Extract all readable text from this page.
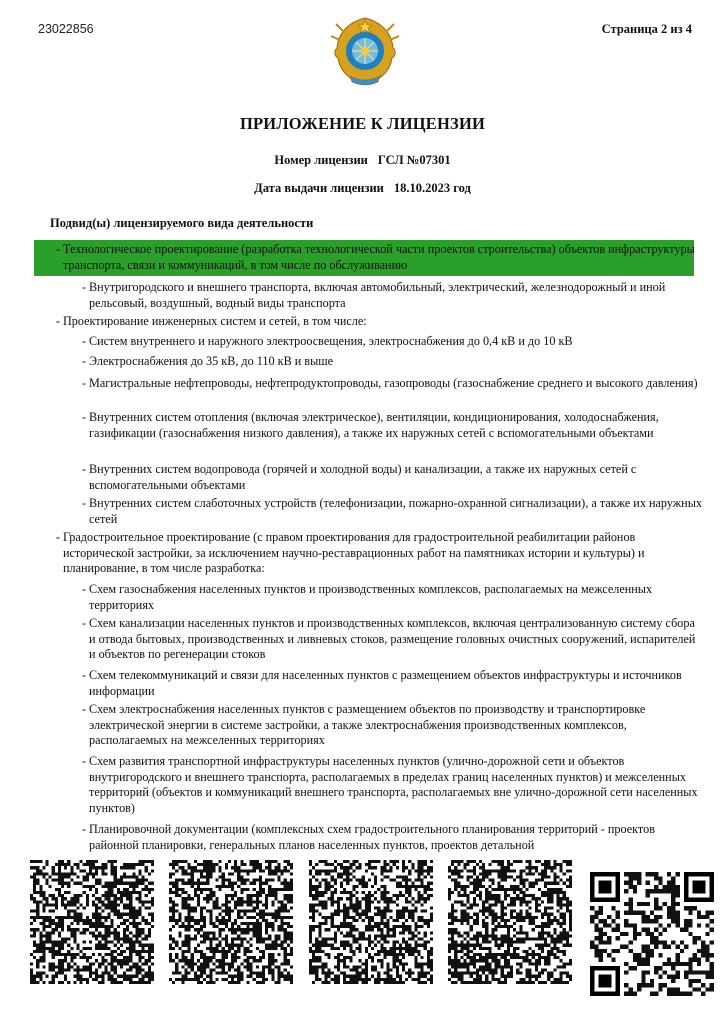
23022856	Страница 2 из 4
ПРИЛОЖЕНИЕ К ЛИЦЕНЗИИ
Номер лицензии ГСЛ №07301
Дата выдачи лицензии 18.10.2023 год
Подвид(ы) лицензируемого вида деятельности
- Технологическое проектирование (разработка технологической части проектов строительства) объектов инфраструктуры транспорта, связи и коммуникаций, в том числе по обслуживанию
- Внутригородского и внешнего транспорта, включая автомобильный, электрический, железнодорожный и иной рельсовый, воздушный, водный виды транспорта
- Проектирование инженерных систем и сетей, в том числе:
- Систем внутреннего и наружного электроосвещения, электроснабжения до 0,4 кВ и до 10 кВ
- Электроснабжения до 35 кВ, до 110 кВ и выше
- Магистральные нефтепроводы, нефтепродуктопроводы, газопроводы (газоснабжение среднего и высокого давления)
- Внутренних систем отопления (включая электрическое), вентиляции, кондиционирования, холодоснабжения, газификации (газоснабжения низкого давления), а также их наружных сетей с вспомогательными объектами
- Внутренних систем водопровода (горячей и холодной воды) и канализации, а также их наружных сетей с вспомогательными объектами
- Внутренних систем слаботочных устройств (телефонизации, пожарно-охранной сигнализации), а также их наружных сетей
- Градостроительное проектирование (с правом проектирования для градостроительной реабилитации районов исторической застройки, за исключением научно-реставрационных работ на памятниках истории и культуры) и планирование, в том числе разработка:
- Схем газоснабжения населенных пунктов и производственных комплексов, располагаемых на межселенных территориях
- Схем канализации населенных пунктов и производственных комплексов, включая централизованную систему сбора и отвода бытовых, производственных и ливневых стоков, размещение головных очистных сооружений, испарителей и объектов по регенерации стоков
- Схем телекоммуникаций и связи для населенных пунктов с размещением объектов инфраструктуры и источников информации
- Схем электроснабжения населенных пунктов с размещением объектов по производству и транспортировке электрической энергии в системе застройки, а также электроснабжения производственных комплексов, располагаемых на межселенных территориях
- Схем развития транспортной инфраструктуры населенных пунктов (улично-дорожной сети и объектов внутригородского и внешнего транспорта, располагаемых в пределах границ населенных пунктов) и межселенных территорий (объектов и коммуникаций внешнего транспорта, располагаемых вне улично-дорожной сети населенных пунктов)
- Планировочной документации (комплексных схем градостроительного планирования территорий - проектов районной планировки, генеральных планов населенных пунктов, проектов детальной
